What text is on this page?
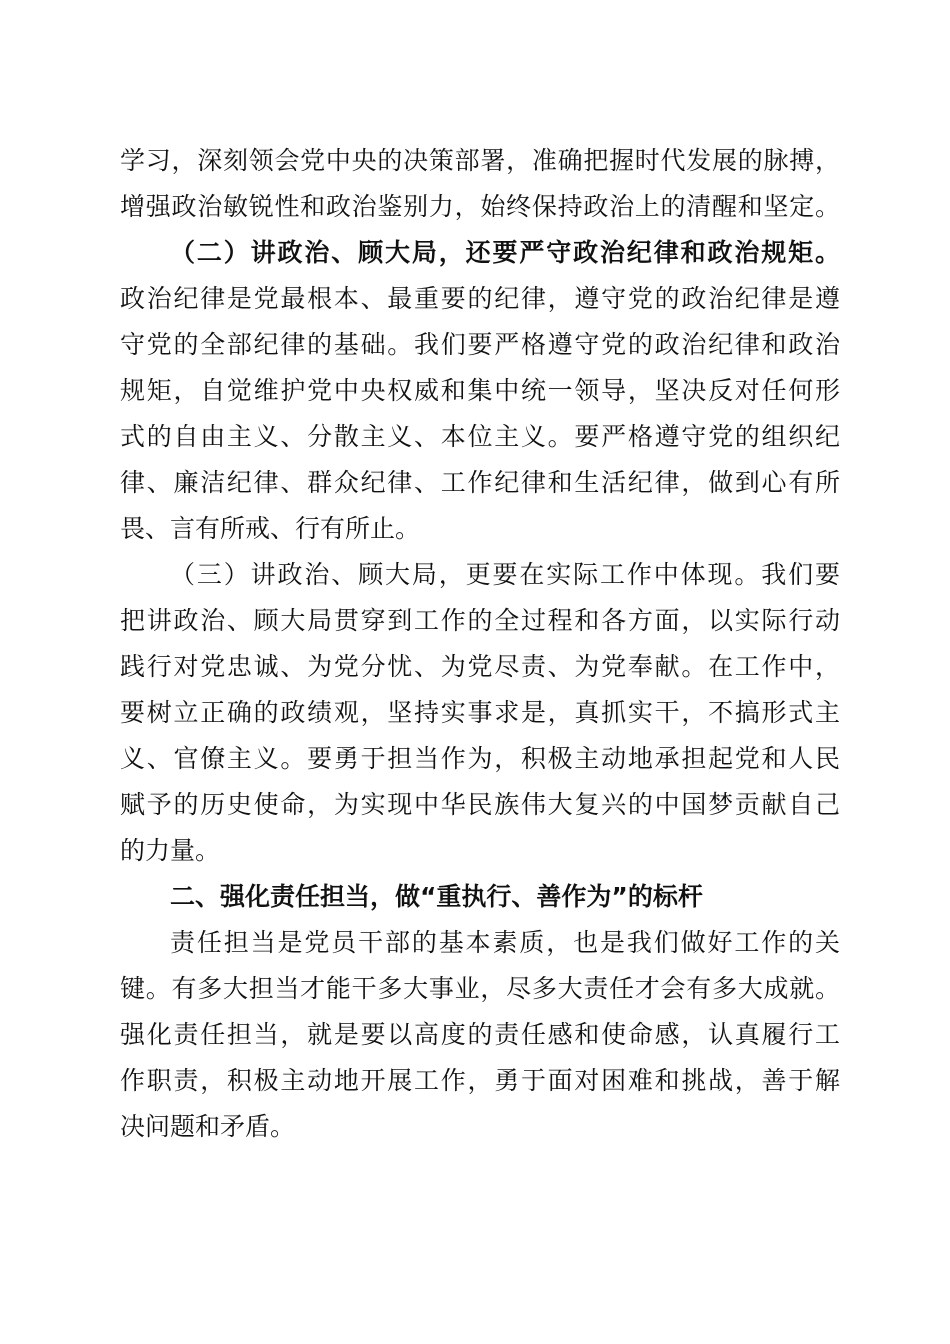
学习，深刻领会党中央的决策部署，准确把握时代发展的脉搏，
增强政治敏锐性和政治鉴别力，始终保持政治上的清醒和坚定。
（二）讲政治、顾大局，还要严守政治纪律和政治规矩。
政治纪律是党最根本、最重要的纪律，遵守党的政治纪律是遵
守党的全部纪律的基础。我们要严格遵守党的政治纪律和政治
规矩，自觉维护党中央权威和集中统一领导，坚决反对任何形
式的自由主义、分散主义、本位主义。要严格遵守党的组织纪
律、廉洁纪律、群众纪律、工作纪律和生活纪律，做到心有所
畏、言有所戒、行有所止。
（三）讲政治、顾大局，更要在实际工作中体现。我们要
把讲政治、顾大局贯穿到工作的全过程和各方面，以实际行动
践行对党忠诚、为党分忧、为党尽责、为党奉献。在工作中，
要树立正确的政绩观，坚持实事求是，真抓实干，不搞形式主
义、官僚主义。要勇于担当作为，积极主动地承担起党和人民
赋予的历史使命，为实现中华民族伟大复兴的中国梦贡献自己
的力量。
二、强化责任担当，做“重执行、善作为”的标杆
责任担当是党员干部的基本素质，也是我们做好工作的关
键。有多大担当才能干多大事业，尽多大责任才会有多大成就。
强化责任担当，就是要以高度的责任感和使命感，认真履行工
作职责，积极主动地开展工作，勇于面对困难和挑战，善于解
决问题和矛盾。
